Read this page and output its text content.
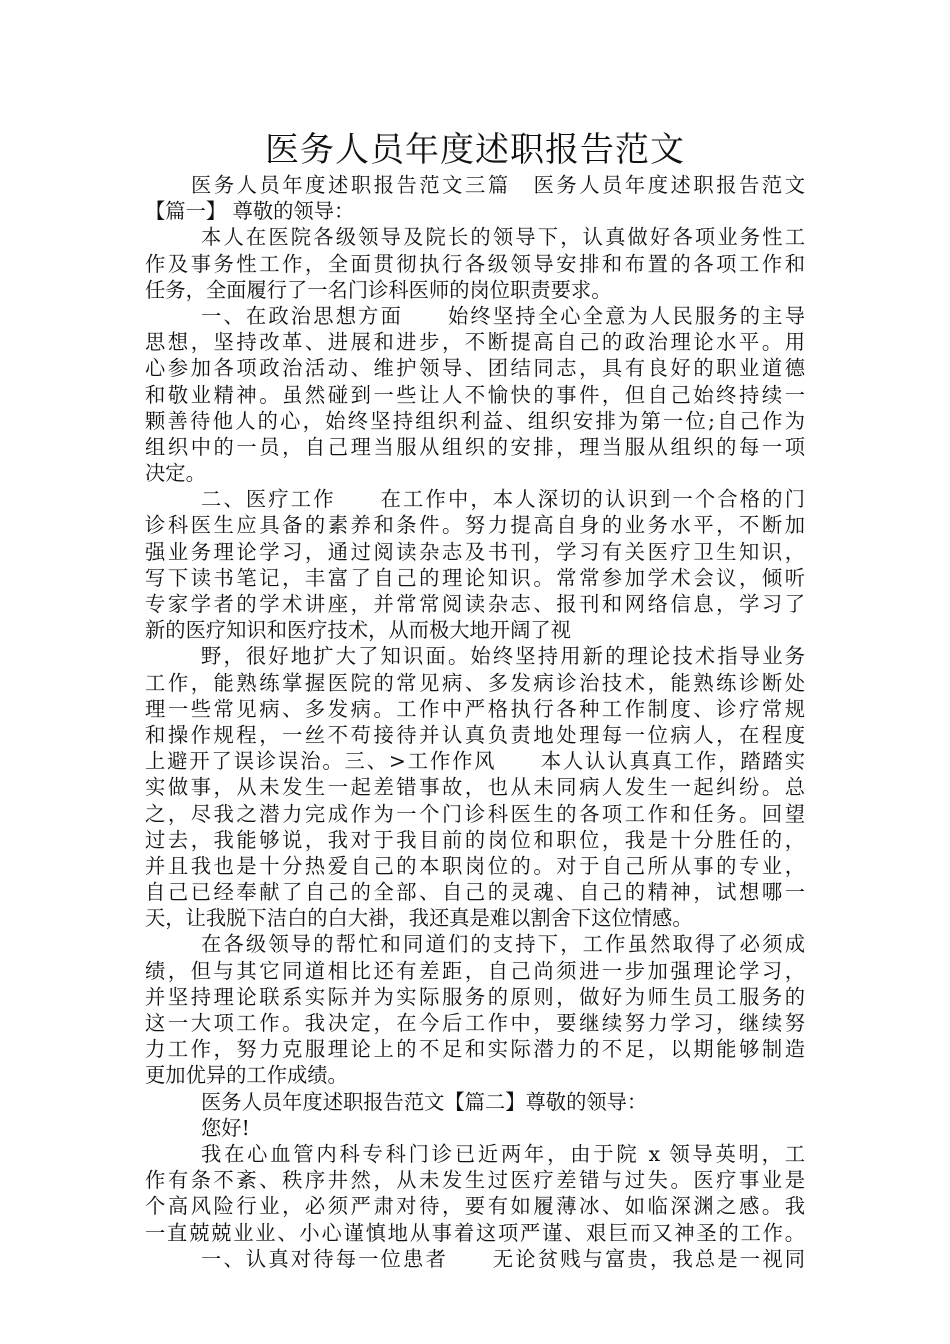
医务人员年度述职报告范文
医务人员年度述职报告范文三篇　医务人员年度述职报告范文
【篇一】 尊敬的领导：
本人在医院各级领导及院长的领导下，认真做好各项业务性工
作及事务性工作，全面贯彻执行各级领导安排和布置的各项工作和
任务，全面履行了一名门诊科医师的岗位职责要求。
一、在政治思想方面　　始终坚持全心全意为人民服务的主导
思想，坚持改革、进展和进步，不断提高自己的政治理论水平。用
心参加各项政治活动、维护领导、团结同志，具有良好的职业道德
和敬业精神。虽然碰到一些让人不愉快的事件，但自己始终持续一
颗善待他人的心，始终坚持组织利益、组织安排为第一位;自己作为
组织中的一员，自己理当服从组织的安排，理当服从组织的每一项
决定。
二、医疗工作　　在工作中，本人深切的认识到一个合格的门
诊科医生应具备的素养和条件。努力提高自身的业务水平，不断加
强业务理论学习，通过阅读杂志及书刊，学习有关医疗卫生知识，
写下读书笔记，丰富了自己的理论知识。常常参加学术会议，倾听
专家学者的学术讲座，并常常阅读杂志、报刊和网络信息，学习了
新的医疗知识和医疗技术，从而极大地开阔了视
野，很好地扩大了知识面。始终坚持用新的理论技术指导业务
工作，能熟练掌握医院的常见病、多发病诊治技术，能熟练诊断处
理一些常见病、多发病。工作中严格执行各种工作制度、诊疗常规
和操作规程，一丝不苟接待并认真负责地处理每一位病人，在程度
上避开了误诊误治。三、>工作作风　　本人认认真真工作，踏踏实
实做事，从未发生一起差错事故，也从未同病人发生一起纠纷。总
之，尽我之潜力完成作为一个门诊科医生的各项工作和任务。回望
过去，我能够说，我对于我目前的岗位和职位，我是十分胜任的，
并且我也是十分热爱自己的本职岗位的。对于自己所从事的专业，
自己已经奉献了自己的全部、自己的灵魂、自己的精神，试想哪一
天，让我脱下洁白的白大褂，我还真是难以割舍下这位情感。
在各级领导的帮忙和同道们的支持下，工作虽然取得了必须成
绩，但与其它同道相比还有差距，自己尚须进一步加强理论学习，
并坚持理论联系实际并为实际服务的原则，做好为师生员工服务的
这一大项工作。我决定，在今后工作中，要继续努力学习，继续努
力工作，努力克服理论上的不足和实际潜力的不足，以期能够制造
更加优异的工作成绩。
医务人员年度述职报告范文【篇二】尊敬的领导：
您好!
我在心血管内科专科门诊已近两年，由于院 x 领导英明，工
作有条不紊、秩序井然，从未发生过医疗差错与过失。医疗事业是
个高风险行业，必须严肃对待，要有如履薄冰、如临深渊之感。我
一直兢兢业业、小心谨慎地从事着这项严谨、艰巨而又神圣的工作。
一、认真对待每一位患者　　无论贫贱与富贵，我总是一视同
